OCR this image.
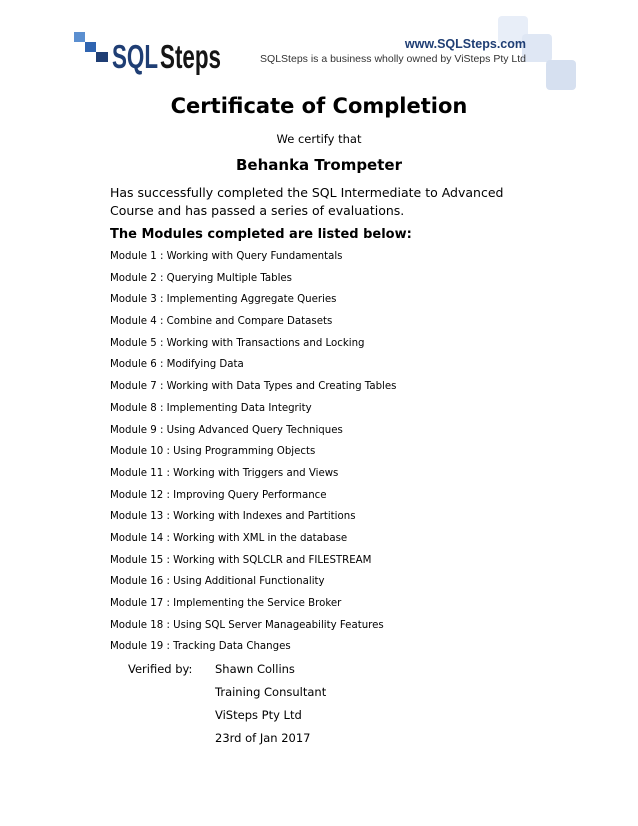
SQL Steps	www.SQLSteps.com
SQLSteps is a business wholly owned by ViSteps Pty Ltd
Certificate of Completion
We certify that
Behanka Trompeter
Has successfully completed the SQL Intermediate to Advanced Course and has passed a series of evaluations.
The Modules completed are listed below:
Module 1 : Working with Query Fundamentals
Module 2 : Querying Multiple Tables
Module 3 : Implementing Aggregate Queries
Module 4 : Combine and Compare Datasets
Module 5 : Working with Transactions and Locking
Module 6 : Modifying Data
Module 7 : Working with Data Types and Creating Tables
Module 8 : Implementing Data Integrity
Module 9 : Using Advanced Query Techniques
Module 10 : Using Programming Objects
Module 11 : Working with Triggers and Views
Module 12 : Improving Query Performance
Module 13 : Working with Indexes and Partitions
Module 14 : Working with XML in the database
Module 15 : Working with SQLCLR and FILESTREAM
Module 16 : Using Additional Functionality
Module 17 : Implementing the Service Broker
Module 18 : Using SQL Server Manageability Features
Module 19 : Tracking Data Changes
Verified by: Shawn Collins
Training Consultant
ViSteps Pty Ltd
23rd of Jan 2017
